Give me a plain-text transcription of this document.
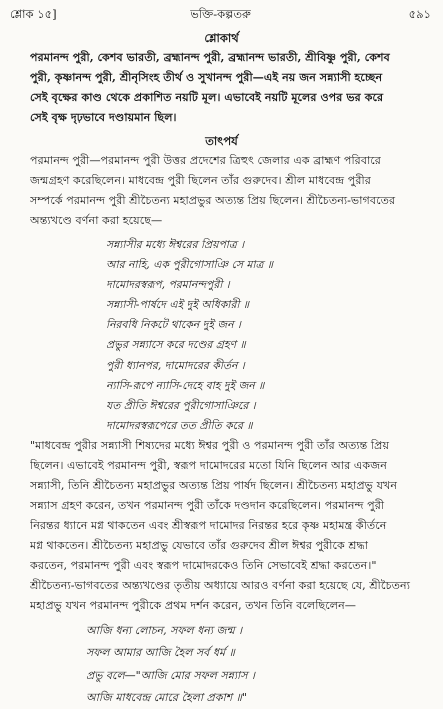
শ্লোক ১৫]	ভক্তি-কল্পতরু	৫৯১
শ্লোকার্থ
পরমানন্দ পুরী, কেশব ভারতী, ব্রহ্মানন্দ পুরী, ব্রহ্মানন্দ ভারতী, শ্রীবিষ্ণু পুরী, কেশব
পুরী, কৃষ্ণানন্দ পুরী, শ্রীনৃসিংহ তীর্থ ও সুখানন্দ পুরী—এই নয় জন সন্ন্যাসী হচ্ছেন
সেই বৃক্ষের কাণ্ড থেকে প্রকাশিত নয়টি মূল। এভাবেই নয়টি মূলের ওপর ভর করে
সেই বৃক্ষ দৃঢ়ভাবে দণ্ডায়মান ছিল।
তাৎপর্য
পরমানন্দ পুরী—পরমানন্দ পুরী উত্তর প্রদেশের ত্রিহুৎ জেলার এক ব্রাহ্মণ পরিবারে
জন্মগ্রহণ করেছিলেন। মাধবেন্দ্র পুরী ছিলেন তাঁর গুরুদেব। শ্রীল মাধবেন্দ্র পুরীর
সম্পর্কে পরমানন্দ পুরী শ্রীচৈতন্য মহাপ্রভুর অত্যন্ত প্রিয় ছিলেন। শ্রীচৈতন্য-ভাগবতের
অন্ত্যখণ্ডে বর্ণনা করা হয়েছে—
সন্ন্যাসীর মধ্যে ঈশ্বরের প্রিয়পাত্র ।
আর নাহি, এক পুরীগোসাঞি সে মাত্র ॥
দামোদরস্বরূপ, পরমানন্দপুরী ।
সন্ন্যাসী-পার্ষদে এই দুই অধিকারী ॥
নিরবধি নিকটে থাকেন দুই জন ।
প্রভুর সন্ন্যাসে করে দণ্ডের গ্রহণ ॥
পুরী ধ্যানপর, দামোদরের কীর্তন ।
ন্যাসি-রূপে ন্যাসি-দেহে বাহ দুই জন ॥
যত প্রীতি ঈশ্বরের পুরীগোসাঞিরে ।
দামোদরস্বরূপেরে তত প্রীতি করে ॥
"মাধবেন্দ্র পুরীর সন্ন্যাসী শিষ্যদের মধ্যে ঈশ্বর পুরী ও পরমানন্দ পুরী তাঁর অত্যন্ত প্রিয়
ছিলেন। এভাবেই পরমানন্দ পুরী, স্বরূপ দামোদরের মতো যিনি ছিলেন আর একজন
সন্ন্যাসী, তিনি শ্রীচৈতন্য মহাপ্রভুর অত্যন্ত প্রিয় পার্ষদ ছিলেন। শ্রীচৈতন্য মহাপ্রভু যখন
সন্ন্যাস গ্রহণ করেন, তখন পরমানন্দ পুরী তাঁকে দণ্ডদান করেছিলেন। পরমানন্দ পুরী
নিরন্তর ধ্যানে মগ্ন থাকতেন এবং শ্রীস্বরূপ দামোদর নিরন্তর হরে কৃষ্ণ মহামন্ত্র কীর্তনে
মগ্ন থাকতেন। শ্রীচৈতন্য মহাপ্রভু যেভাবে তাঁর গুরুদেব শ্রীল ঈশ্বর পুরীকে শ্রদ্ধা
করতেন, পরমানন্দ পুরী এবং স্বরূপ দামোদরকেও তিনি সেভাবেই শ্রদ্ধা করতেন।"
শ্রীচৈতন্য-ভাগবতের অন্ত্যখণ্ডের তৃতীয় অধ্যায়ে আরও বর্ণনা করা হয়েছে যে, শ্রীচৈতন্য
মহাপ্রভু যখন পরমানন্দ পুরীকে প্রথম দর্শন করেন, তখন তিনি বলেছিলেন—
আজি ধন্য লোচন, সফল ধন্য জন্ম ।
সফল আমার আজি হৈল সর্ব ধর্ম ॥
প্রভু বলে—"আজি মোর সফল সন্ন্যাস ।
আজি মাধবেন্দ্র মোরে হৈলা প্রকাশ ॥"
